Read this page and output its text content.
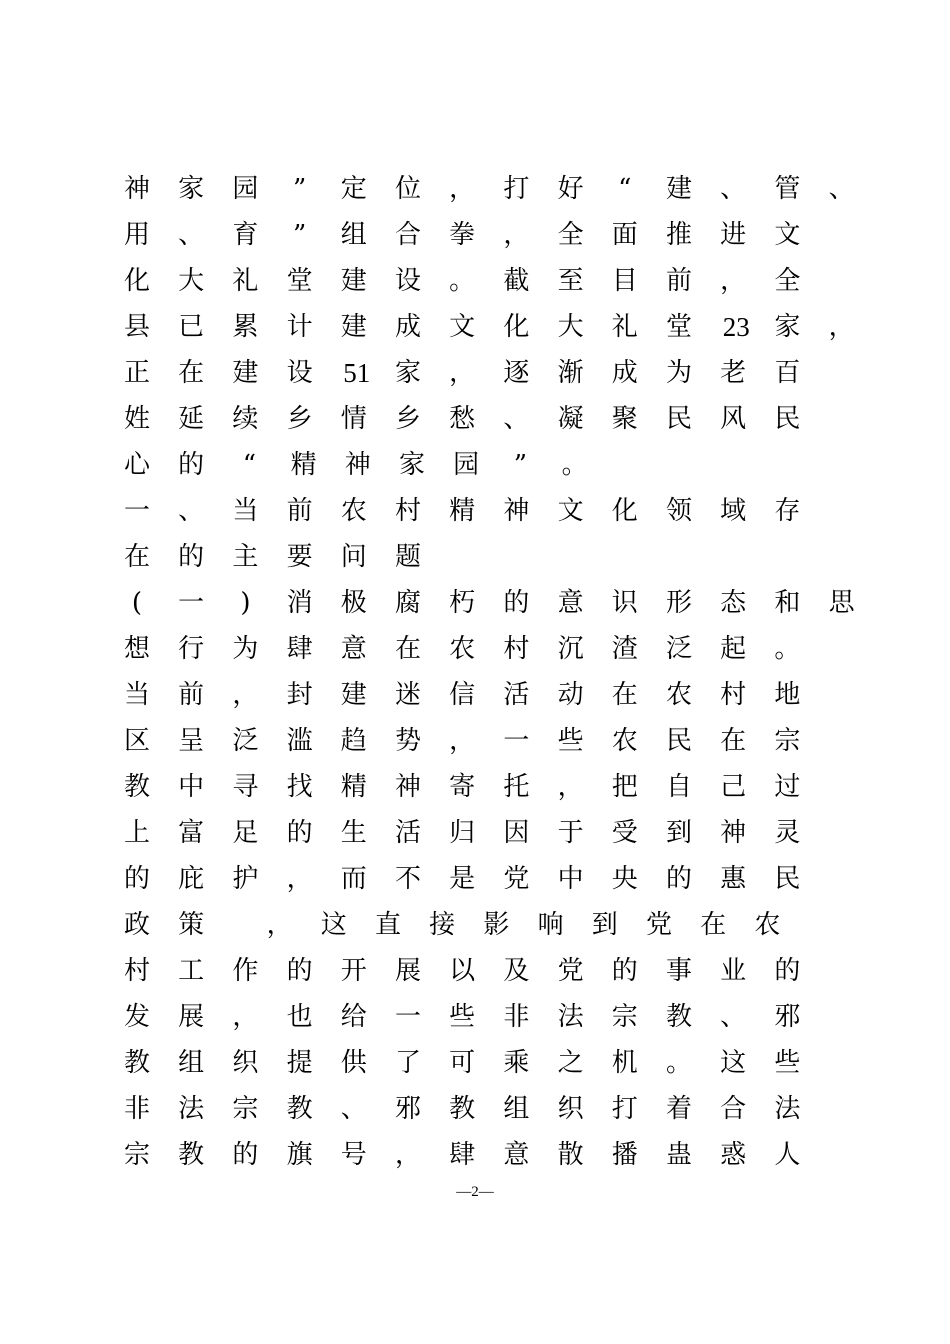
神 家 园 ” 定 位 ， 打 好 “ 建 、 管 、
用 、 育 ” 组 合 拳 ， 全 面 推 进 文
化 大 礼 堂 建 设 。 截 至 目 前 ， 全
县 已 累 计 建 成 文 化 大 礼 堂 23 家 ，
正 在 建 设 51 家 ， 逐 渐 成 为 老 百
姓 延 续 乡 情 乡 愁 、 凝 聚 民 风 民
心 的 “ 精 神 家 园 ” 。
一 、 当 前 农 村 精 神 文 化 领 域 存
在 的 主 要 问 题
(	一	)	消 极 腐 朽 的 意 识 形 态 和 思
想 行 为 肆 意 在 农 村 沉 渣 泛 起 。
当 前 ， 封 建 迷 信 活 动 在 农 村 地
区 呈 泛 滥 趋 势 ， 一 些 农 民 在 宗
教 中 寻 找 精 神 寄 托 ， 把 自 己 过
上 富 足 的 生 活 归 因 于 受 到 神 灵
的 庇 护 ， 而 不 是 党 中 央 的 惠 民
政 策 ， 这 直 接 影 响 到 党 在 农
村 工 作 的 开 展 以 及 党 的 事 业 的
发 展 ， 也 给 一 些 非 法 宗 教 、 邪
教 组 织 提 供 了 可 乘 之 机 。 这 些
非 法 宗 教 、 邪 教 组 织 打 着 合 法
宗 教 的 旗 号 ， 肆 意 散 播 蛊 惑 人
—2—
